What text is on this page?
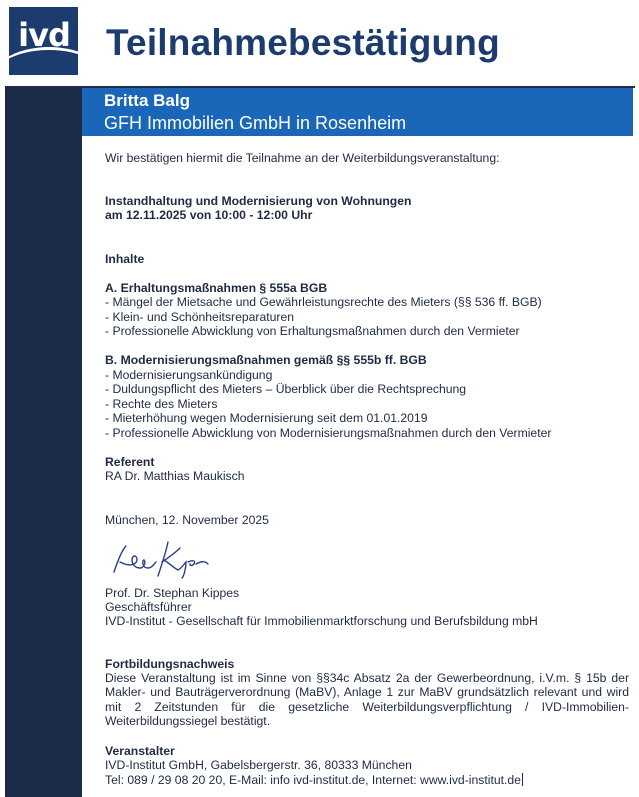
ivd Teilnahmebestätigung
Britta Balg
GFH Immobilien GmbH in Rosenheim
Wir bestätigen hiermit die Teilnahme an der Weiterbildungsveranstaltung:
Instandhaltung und Modernisierung von Wohnungen
am 12.11.2025 von 10:00 - 12:00 Uhr
Inhalte
A. Erhaltungsmaßnahmen § 555a BGB
- Mängel der Mietsache und Gewährleistungsrechte des Mieters (§§ 536 ff. BGB)
- Klein- und Schönheitsreparaturen
- Professionelle Abwicklung von Erhaltungsmaßnahmen durch den Vermieter
B. Modernisierungsmaßnahmen gemäß §§ 555b ff. BGB
- Modernisierungsankündigung
- Duldungspflicht des Mieters – Überblick über die Rechtsprechung
- Rechte des Mieters
- Mieterhöhung wegen Modernisierung seit dem 01.01.2019
- Professionelle Abwicklung von Modernisierungsmaßnahmen durch den Vermieter
Referent
RA Dr. Matthias Maukisch
München, 12. November 2025
Prof. Dr. Stephan Kippes
Geschäftsführer
IVD-Institut - Gesellschaft für Immobilienmarktforschung und Berufsbildung mbH
Fortbildungsnachweis
Diese Veranstaltung ist im Sinne von §§34c Absatz 2a der Gewerbeordnung, i.V.m. § 15b der Makler- und Bauträgerverordnung (MaBV), Anlage 1 zur MaBV grundsätzlich relevant und wird mit 2 Zeitstunden für die gesetzliche Weiterbildungsverpflichtung / IVD-Immobilien-Weiterbildungssiegel bestätigt.
Veranstalter
IVD-Institut GmbH, Gabelsbergerstr. 36, 80333 München
Tel: 089 / 29 08 20 20, E-Mail: info ivd-institut.de, Internet: www.ivd-institut.de
